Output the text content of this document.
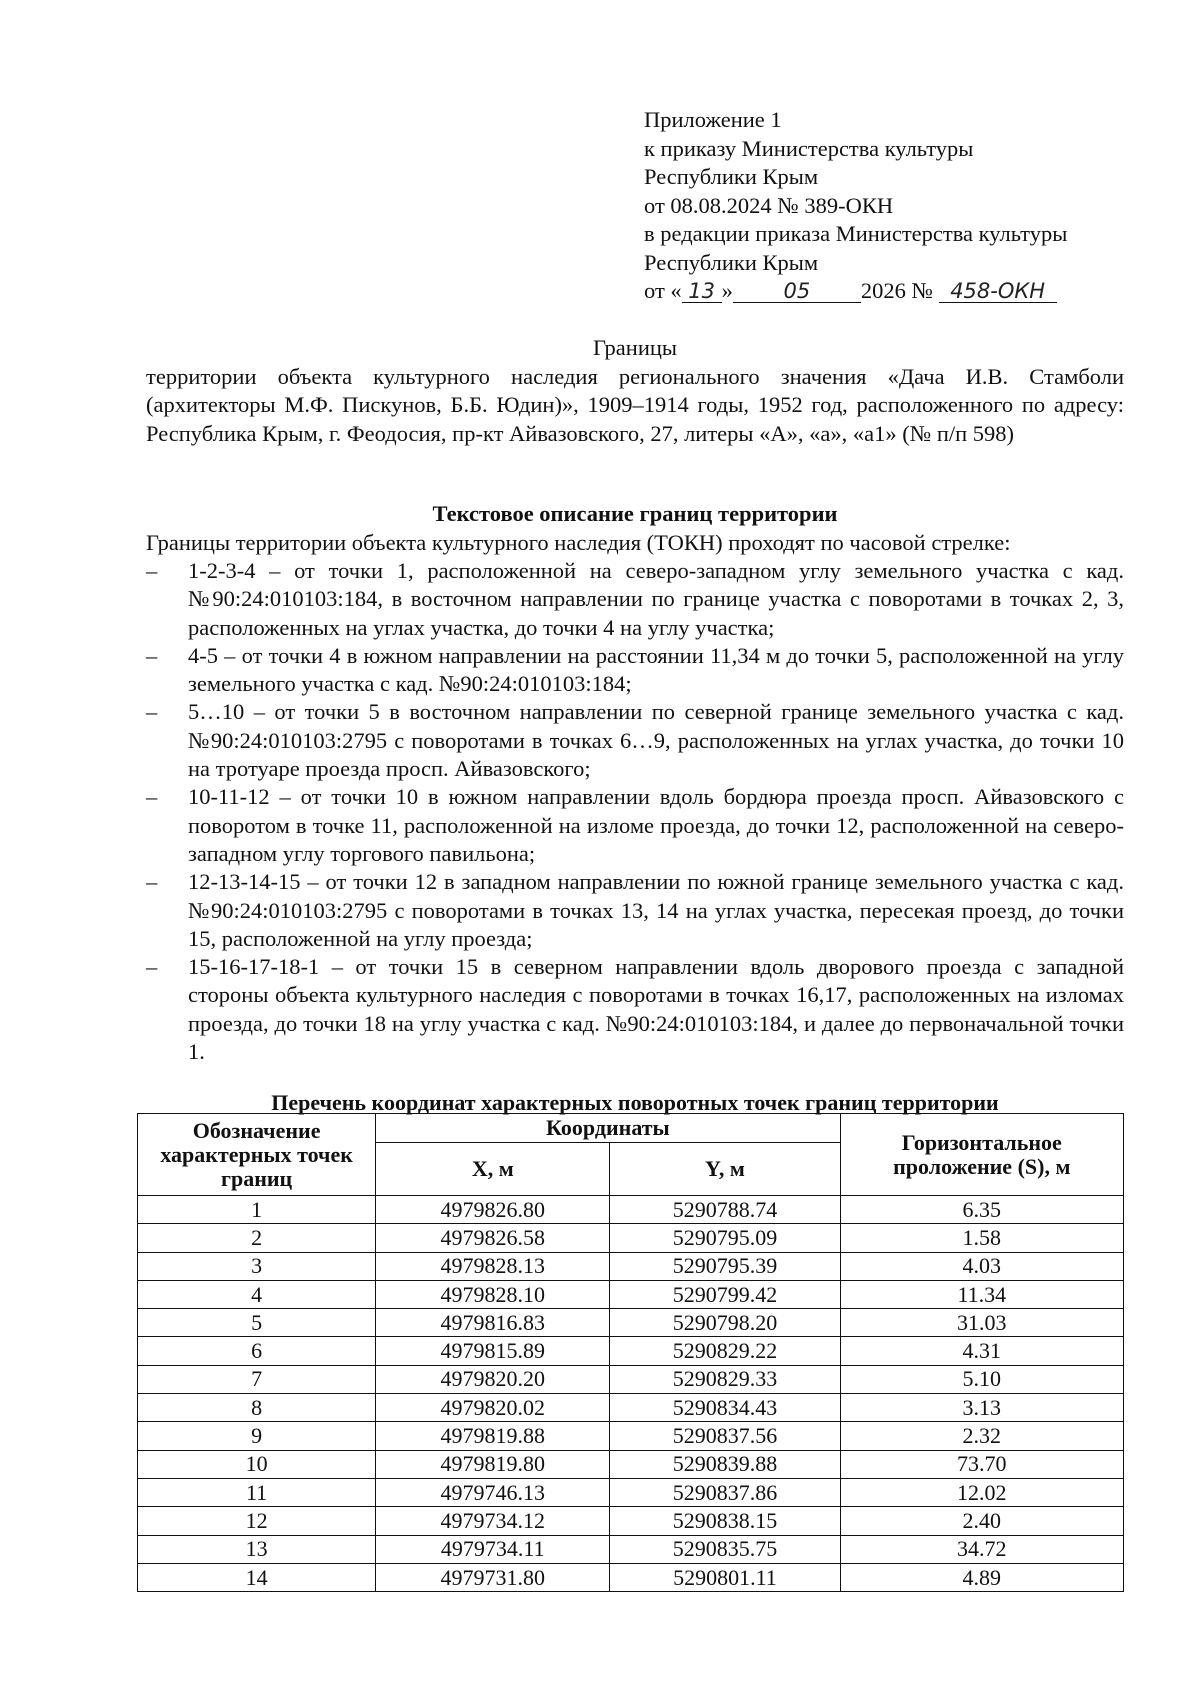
Приложение 1
к приказу Министерства культуры
Республики Крым
от 08.08.2024 № 389-ОКН
в редакции приказа Министерства культуры
Республики Крым
от « 13 » 05 2026 № 458-ОКН
Границы
территории объекта культурного наследия регионального значения «Дача И.В. Стамболи (архитекторы М.Ф. Пискунов, Б.Б. Юдин)», 1909–1914 годы, 1952 год, расположенного по адресу: Республика Крым, г. Феодосия, пр-кт Айвазовского, 27, литеры «А», «а», «а1» (№ п/п 598)
Текстовое описание границ территории
Границы территории объекта культурного наследия (ТОКН) проходят по часовой стрелке:
– 1-2-3-4 – от точки 1, расположенной на северо-западном углу земельного участка с кад. №90:24:010103:184, в восточном направлении по границе участка с поворотами в точках 2, 3, расположенных на углах участка, до точки 4 на углу участка;
– 4-5 – от точки 4 в южном направлении на расстоянии 11,34 м до точки 5, расположенной на углу земельного участка с кад. №90:24:010103:184;
– 5…10 – от точки 5 в восточном направлении по северной границе земельного участка с кад. №90:24:010103:2795 с поворотами в точках 6…9, расположенных на углах участка, до точки 10 на тротуаре проезда просп. Айвазовского;
– 10-11-12 – от точки 10 в южном направлении вдоль бордюра проезда просп. Айвазовского с поворотом в точке 11, расположенной на изломе проезда, до точки 12, расположенной на северо-западном углу торгового павильона;
– 12-13-14-15 – от точки 12 в западном направлении по южной границе земельного участка с кад. №90:24:010103:2795 с поворотами в точках 13, 14 на углах участка, пересекая проезд, до точки 15, расположенной на углу проезда;
– 15-16-17-18-1 – от точки 15 в северном направлении вдоль дворового проезда с западной стороны объекта культурного наследия с поворотами в точках 16,17, расположенных на изломах проезда, до точки 18 на углу участка с кад. №90:24:010103:184, и далее до первоначальной точки 1.
Перечень координат характерных поворотных точек границ территории
Обозначение характерных точек границ	Координаты		Горизонтальное проложение (S), м
	X, м	Y, м	
1	4979826.80	5290788.74	6.35
2	4979826.58	5290795.09	1.58
3	4979828.13	5290795.39	4.03
4	4979828.10	5290799.42	11.34
5	4979816.83	5290798.20	31.03
6	4979815.89	5290829.22	4.31
7	4979820.20	5290829.33	5.10
8	4979820.02	5290834.43	3.13
9	4979819.88	5290837.56	2.32
10	4979819.80	5290839.88	73.70
11	4979746.13	5290837.86	12.02
12	4979734.12	5290838.15	2.40
13	4979734.11	5290835.75	34.72
14	4979731.80	5290801.11	4.89
